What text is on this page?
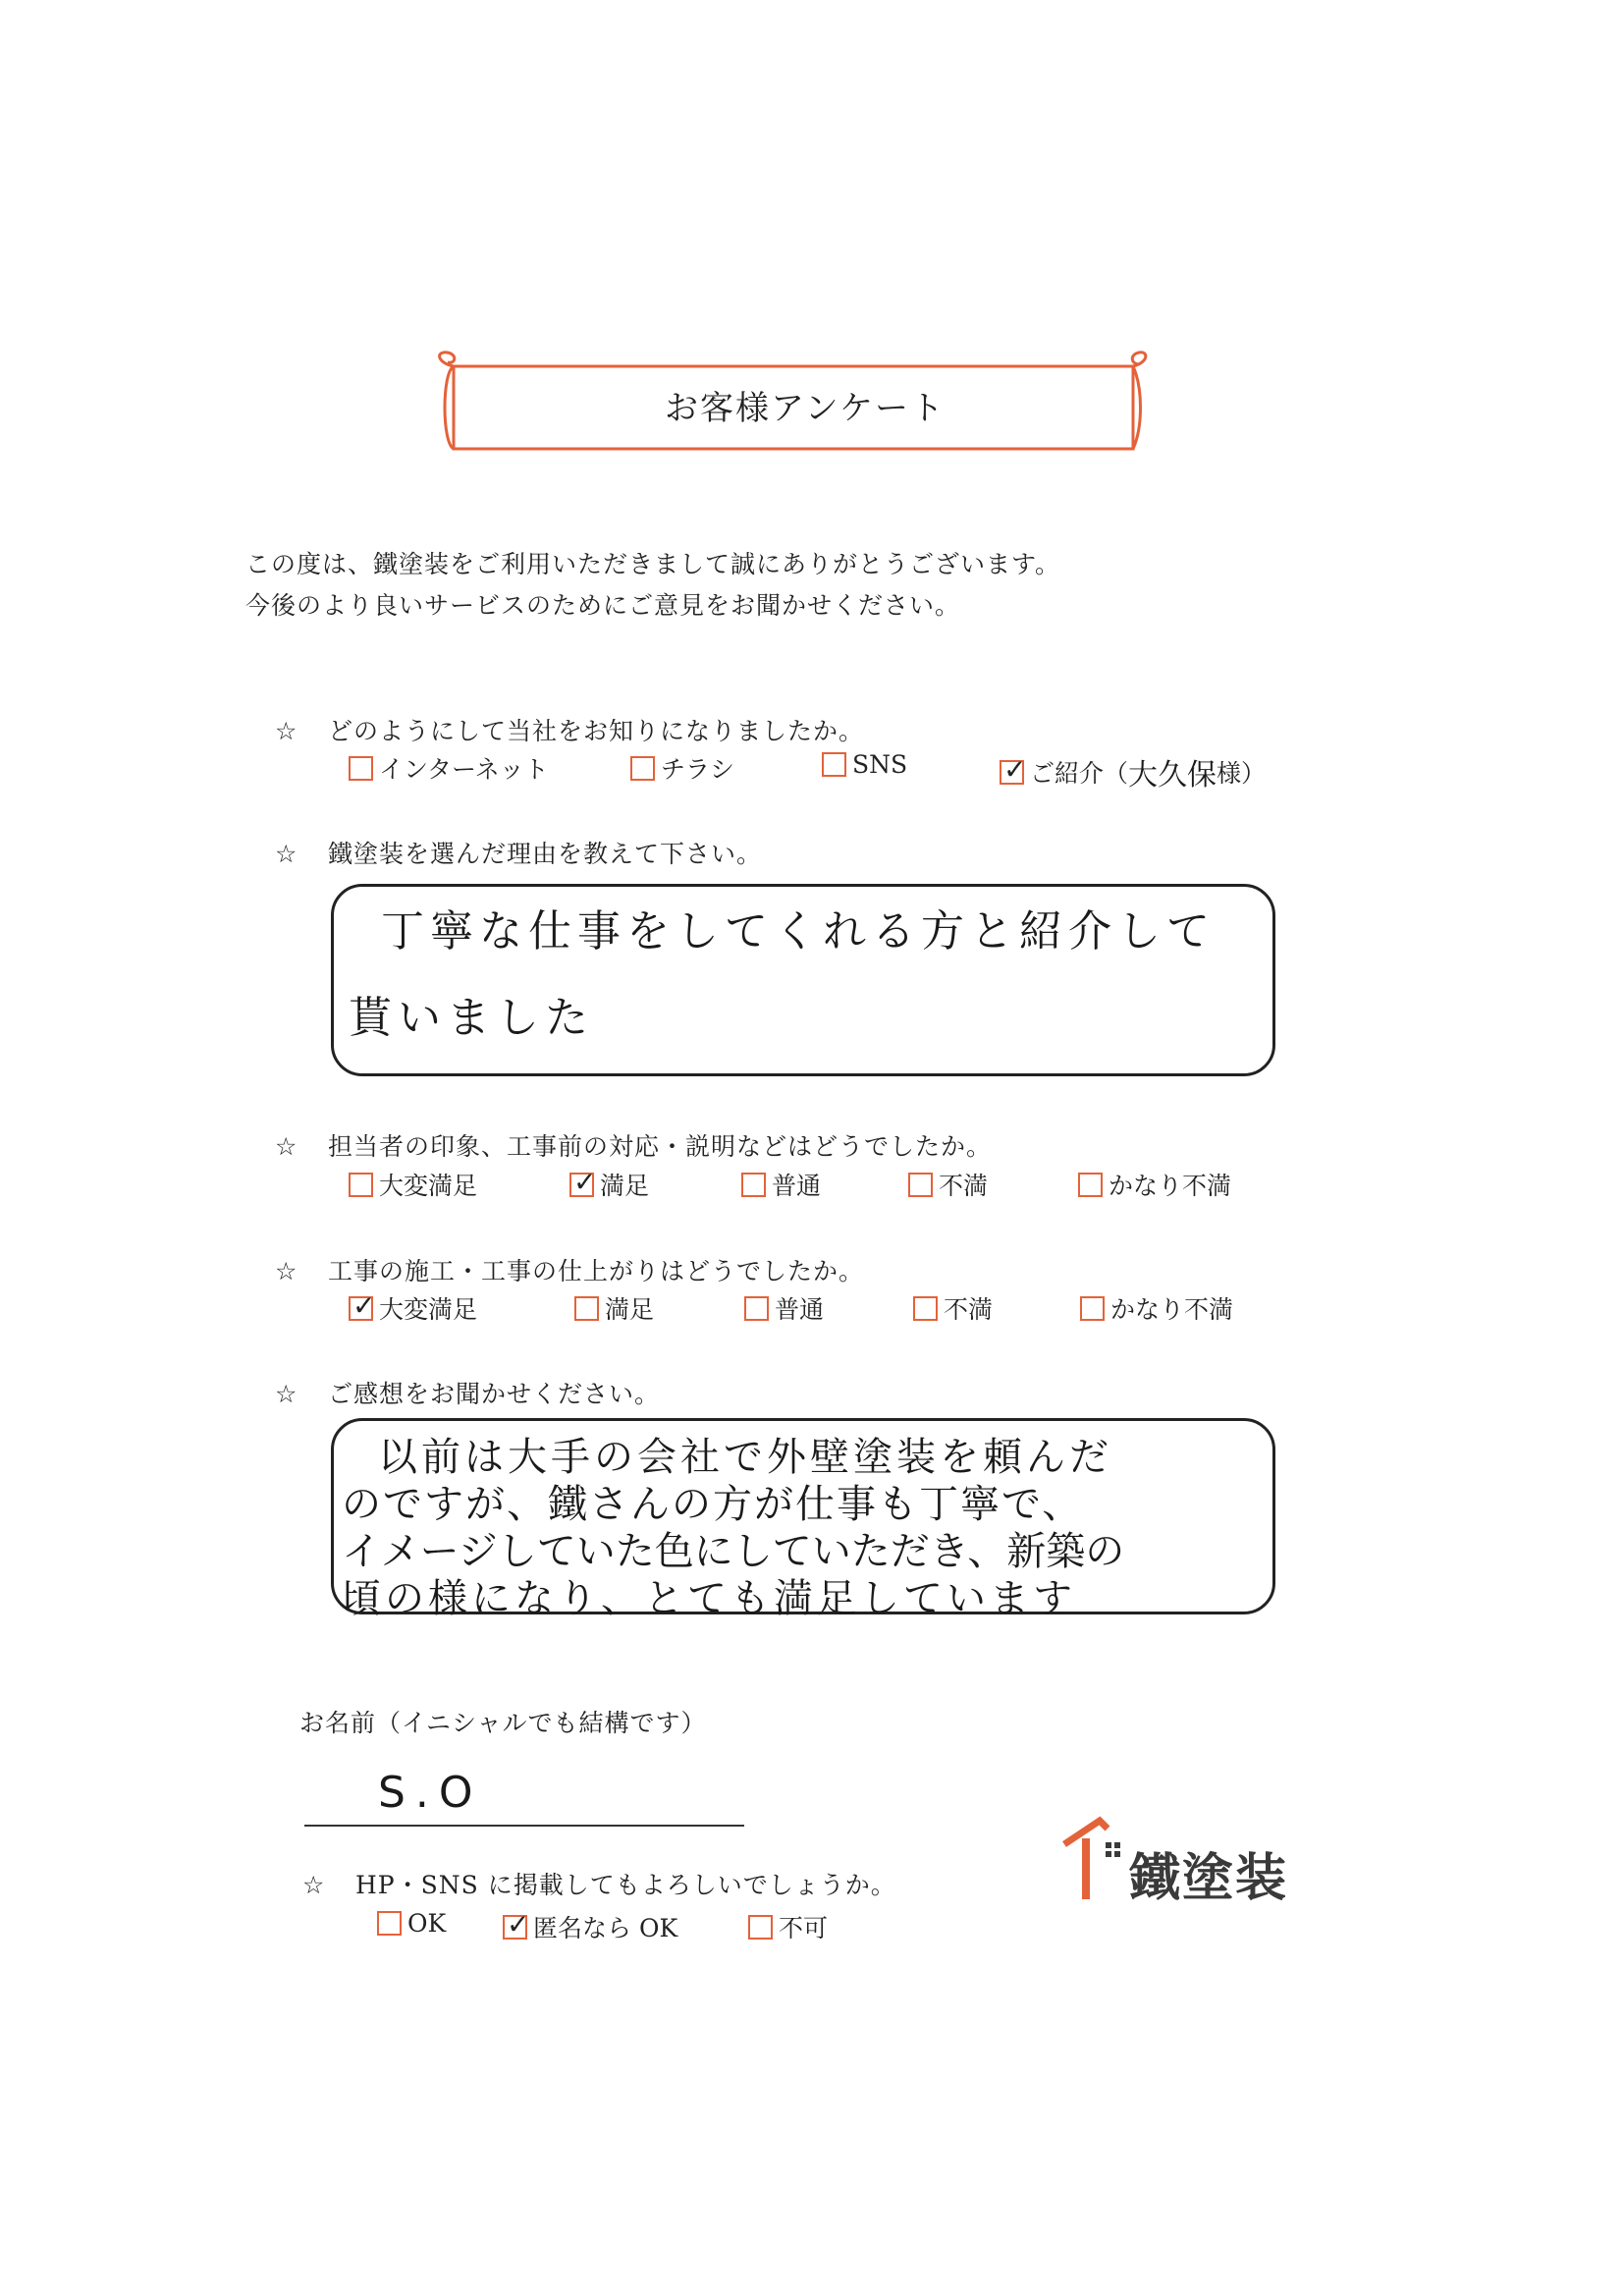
お客様アンケート
この度は、鐵塗装をご利用いただきまして誠にありがとうございます。
今後のより良いサービスのためにご意見をお聞かせください。
☆ どのようにして当社をお知りになりましたか。
インターネット	チラシ	SNS ✓	ご紹介 （ 大久保 様）
☆ 鐵塗装を選んだ理由を教えて下さい。
丁寧な仕事をしてくれる方と紹介して
貰いました
☆ 担当者の印象、工事前の対応・説明などはどうでしたか。
大変満足 ✓	満足	普通	不満	かなり不満
☆ 工事の施工・工事の仕上がりはどうでしたか。
✓
大変満足	満足	普通	不満	かなり不満
☆ ご感想をお聞かせください。
以前は大手の会社で外壁塗装を頼んだ
のですが、鐵さんの方が仕事も丁寧で、
イメージしていた色にしていただき、新築の
頃の様になり、とても満足しています
お名前（イニシャルでも結構です）
S.O
☆ HP・SNS に掲載してもよろしいでしょうか。
OK ✓	匿名なら OK	不可
鐵塗装
